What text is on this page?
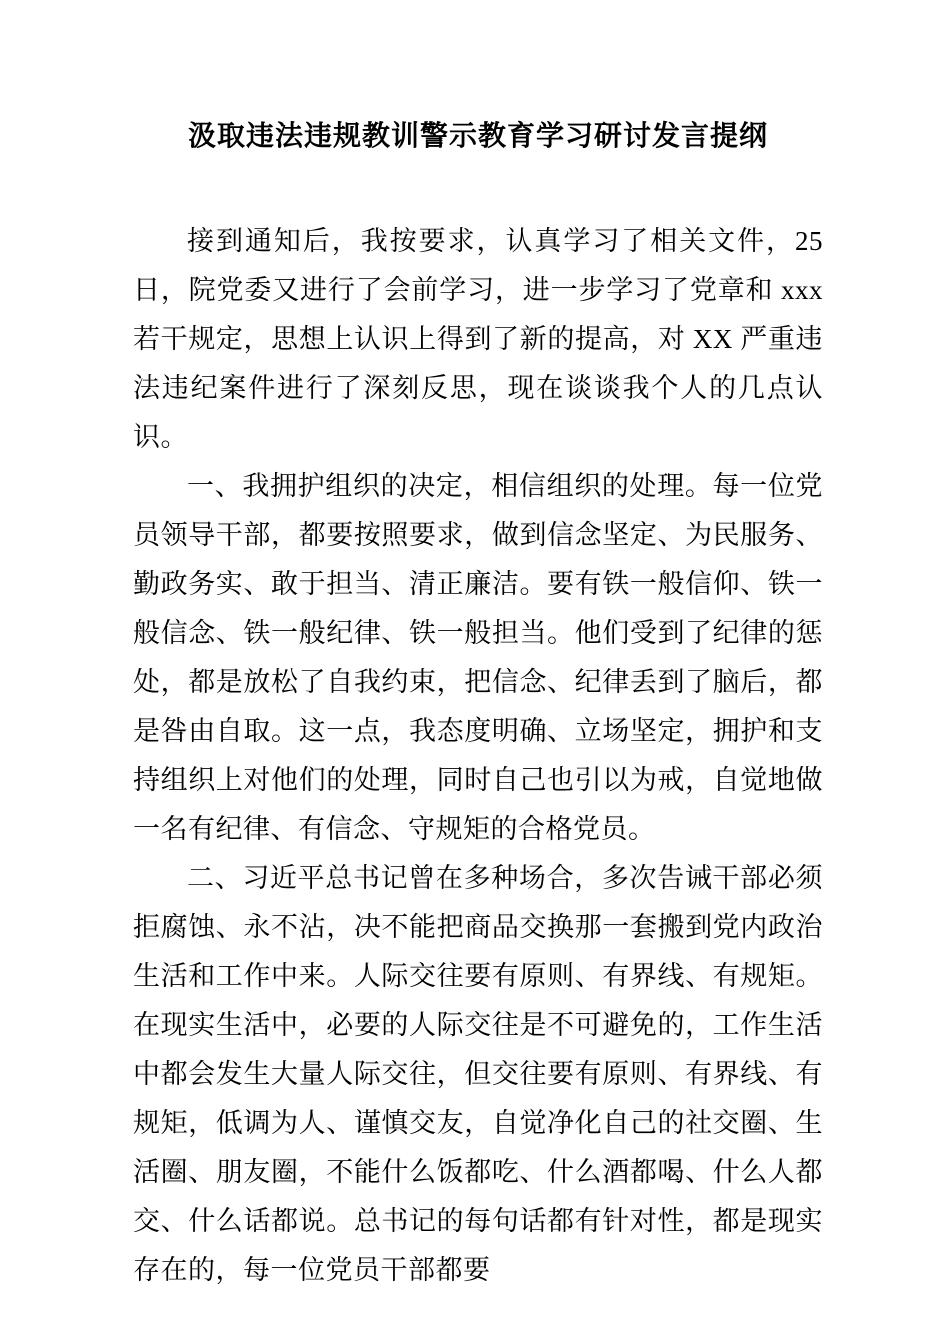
汲取违法违规教训警示教育学习研讨发言提纲

接到通知后，我按要求，认真学习了相关文件，25 日，院党委又进行了会前学习，进一步学习了党章和 xxx 若干规定，思想上认识上得到了新的提高，对 XX 严重违法违纪案件进行了深刻反思，现在谈谈我个人的几点认识。

一、我拥护组织的决定，相信组织的处理。每一位党员领导干部，都要按照要求，做到信念坚定、为民服务、勤政务实、敢于担当、清正廉洁。要有铁一般信仰、铁一般信念、铁一般纪律、铁一般担当。他们受到了纪律的惩处，都是放松了自我约束，把信念、纪律丢到了脑后，都是咎由自取。这一点，我态度明确、立场坚定，拥护和支持组织上对他们的处理，同时自己也引以为戒，自觉地做一名有纪律、有信念、守规矩的合格党员。

二、习近平总书记曾在多种场合，多次告诫干部必须拒腐蚀、永不沾，决不能把商品交换那一套搬到党内政治生活和工作中来。人际交往要有原则、有界线、有规矩。在现实生活中，必要的人际交往是不可避免的，工作生活中都会发生大量人际交往，但交往要有原则、有界线、有规矩，低调为人、谨慎交友，自觉净化自己的社交圈、生活圈、朋友圈，不能什么饭都吃、什么酒都喝、什么人都交、什么话都说。总书记的每句话都有针对性，都是现实存在的，每一位党员干部都要
